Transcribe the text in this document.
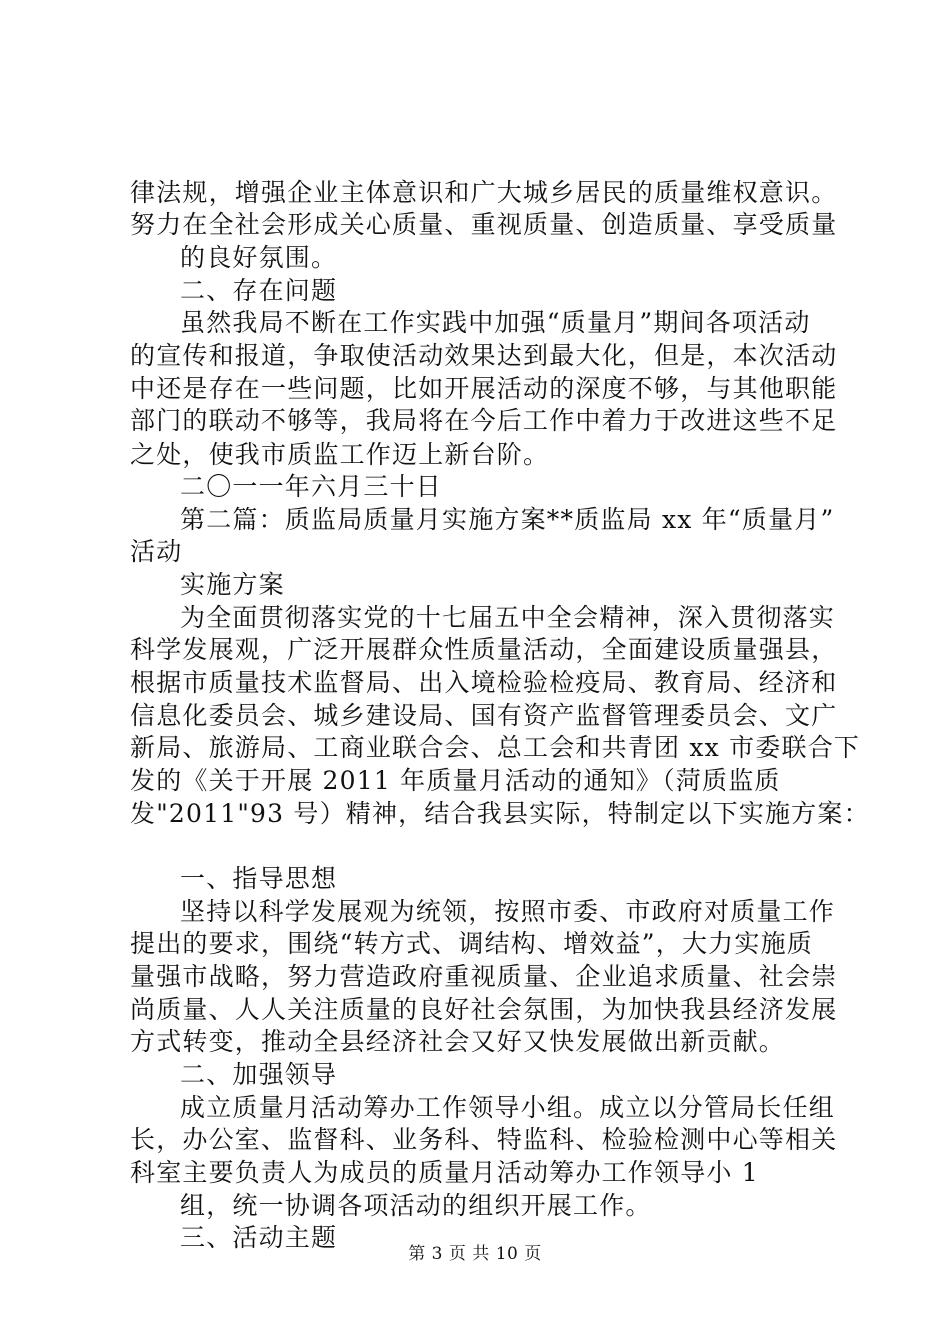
律法规，增强企业主体意识和广大城乡居民的质量维权意识。
努力在全社会形成关心质量、重视质量、创造质量、享受质量
的良好氛围。
二、存在问题
虽然我局不断在工作实践中加强“质量月”期间各项活动
的宣传和报道，争取使活动效果达到最大化，但是，本次活动
中还是存在一些问题，比如开展活动的深度不够，与其他职能
部门的联动不够等，我局将在今后工作中着力于改进这些不足
之处，使我市质监工作迈上新台阶。
二〇一一年六月三十日
第二篇：质监局质量月实施方案**质监局 xx 年“质量月”
活动
实施方案
为全面贯彻落实党的十七届五中全会精神，深入贯彻落实
科学发展观，广泛开展群众性质量活动，全面建设质量强县，
根据市质量技术监督局、出入境检验检疫局、教育局、经济和
信息化委员会、城乡建设局、国有资产监督管理委员会、文广
新局、旅游局、工商业联合会、总工会和共青团 xx 市委联合下
发的《关于开展 2011 年质量月活动的通知》（菏质监质
发"2011"93 号）精神，结合我县实际，特制定以下实施方案：
一、指导思想
坚持以科学发展观为统领，按照市委、市政府对质量工作
提出的要求，围绕“转方式、调结构、增效益”，大力实施质
量强市战略，努力营造政府重视质量、企业追求质量、社会崇
尚质量、人人关注质量的良好社会氛围，为加快我县经济发展
方式转变，推动全县经济社会又好又快发展做出新贡献。
二、加强领导
成立质量月活动筹办工作领导小组。成立以分管局长任组
长，办公室、监督科、业务科、特监科、检验检测中心等相关
科室主要负责人为成员的质量月活动筹办工作领导小 1
组，统一协调各项活动的组织开展工作。
三、活动主题
第 3 页 共 10 页
